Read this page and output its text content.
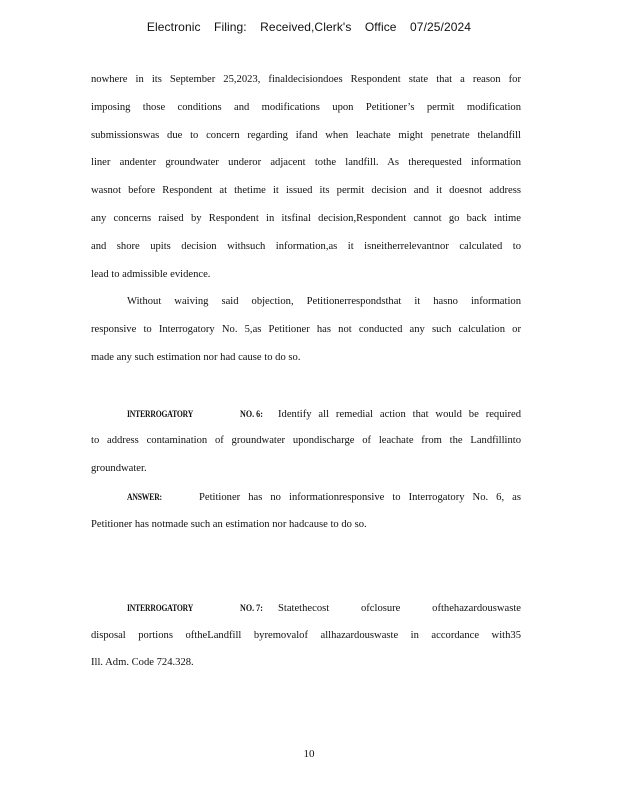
Electronic Filing: Received,Clerk's Office 07/25/2024
nowhere in its September 25,2023, finaldecisiondoes Respondent state that a reason for
imposing those conditions and modifications upon Petitioner’s permit modification
submissionswas due to concern regarding ifand when leachate might penetrate thelandfill
liner andenter groundwater underor adjacent tothe landfill. As therequested information
wasnot before Respondent at thetime it issued its permit decision and it doesnot address
any concerns raised by Respondent in itsfinal decision,Respondent cannot go back intime
and shore upits decision withsuch information,as it isneitherrelevantnor calculated to
lead to admissible evidence.
Without waiving said objection, Petitionerrespondsthat it hasno information
responsive to Interrogatory No. 5,as Petitioner has not conducted any such calculation or
made any such estimation nor had cause to do so.
INTERROGATORY	NO. 6:	Identify all remedial action that would be required
to address contamination of groundwater upondischarge of leachate from the Landfillinto
groundwater.
ANSWER:	Petitioner has no informationresponsive to Interrogatory No. 6, as
Petitioner has notmade such an estimation nor hadcause to do so.
INTERROGATORY	NO. 7:	Statethecost ofclosure ofthehazardouswaste
disposal portions oftheLandfill byremovalof allhazardouswaste in accordance with35
Ill. Adm. Code 724.328.
10
